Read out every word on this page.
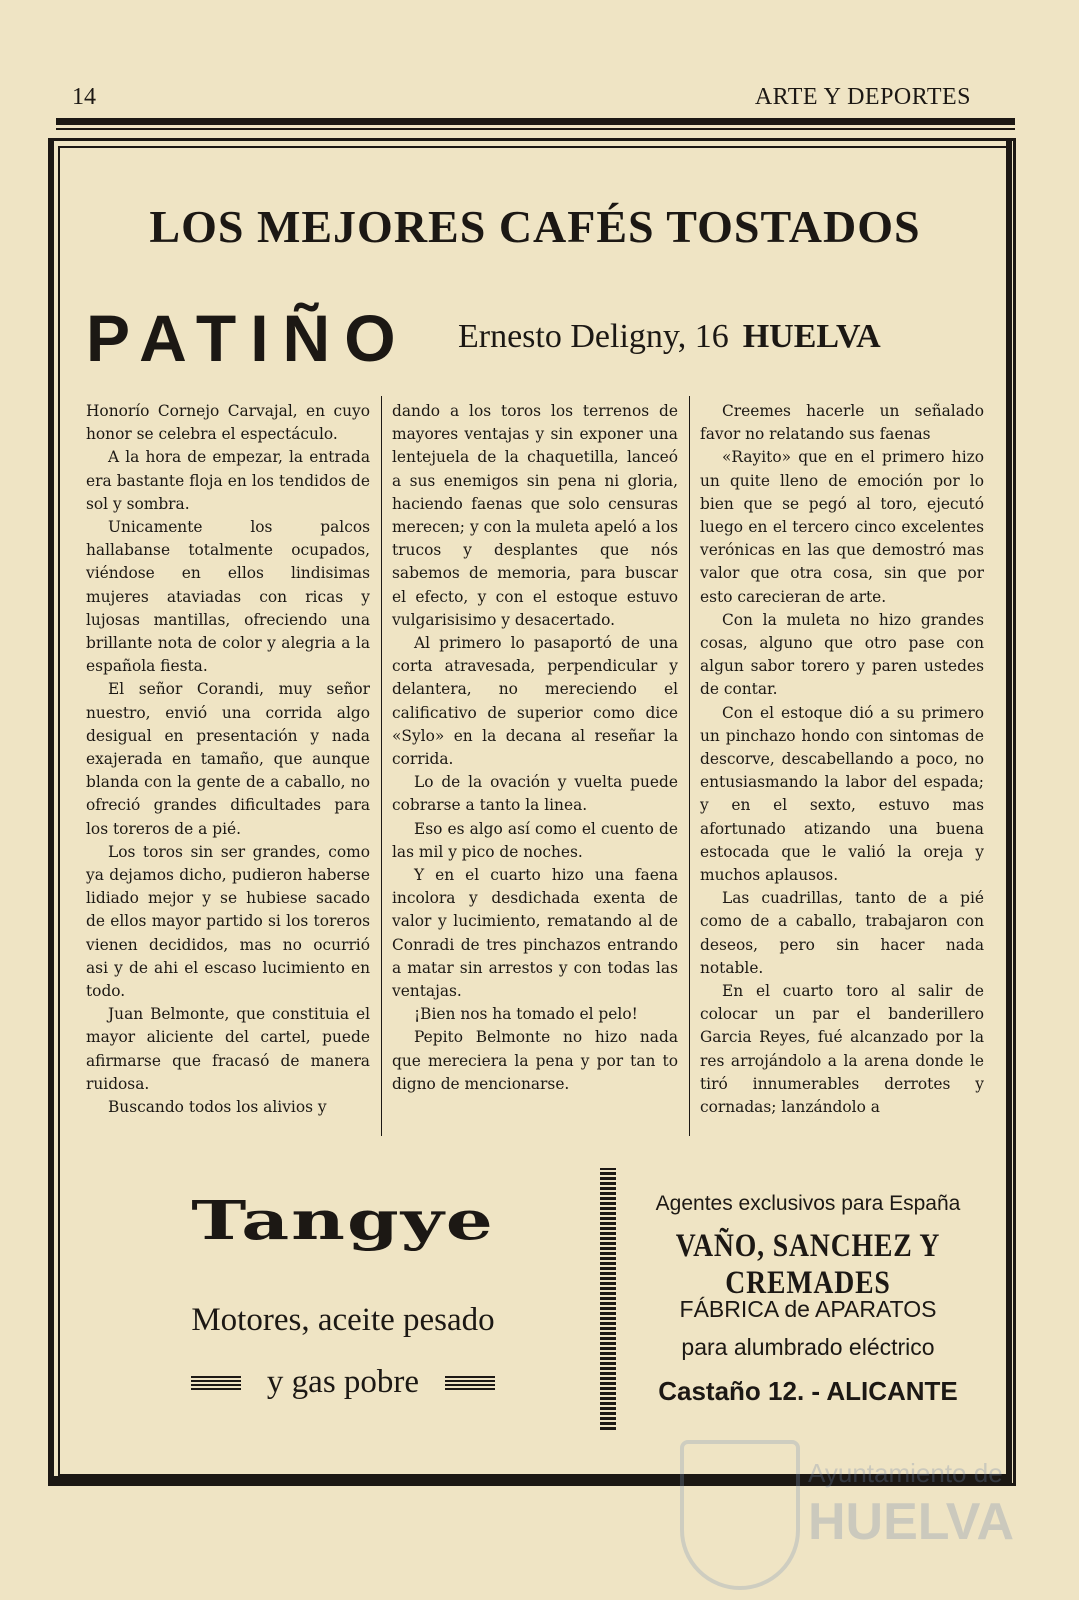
14	ARTE Y DEPORTES
LOS MEJORES CAFÉS TOSTADOS
PATIÑO Ernesto Deligny, 16 HUELVA

Honorío Cornejo Carvajal, en cuyo honor se celebra el espectáculo.

A la hora de empezar, la entrada era bastante floja en los tendidos de sol y sombra.

Unicamente los palcos hallabanse totalmente ocupados, viéndose en ellos lindisimas mujeres ataviadas con ricas y lujosas mantillas, ofreciendo una brillante nota de color y alegria a la española fiesta.

El señor Corandi, muy señor nuestro, envió una corrida algo desigual en presentación y nada exajerada en tamaño, que aunque blanda con la gente de a caballo, no ofreció grandes dificultades para los toreros de a pié.

Los toros sin ser grandes, como ya dejamos dicho, pudieron haberse lidiado mejor y se hubiese sacado de ellos mayor partido si los toreros vienen decididos, mas no ocurrió asi y de ahi el escaso lucimiento en todo.

Juan Belmonte, que constituia el mayor aliciente del cartel, puede afirmarse que fracasó de manera ruidosa.

Buscando todos los alivios y

dando a los toros los terrenos de mayores ventajas y sin exponer una lentejuela de la chaquetilla, lanceó a sus enemigos sin pena ni gloria, haciendo faenas que solo censuras merecen; y con la muleta apeló a los trucos y desplantes que nós sabemos de memoria, para buscar el efecto, y con el estoque estuvo vulgarisisimo y desacertado.

Al primero lo pasaportó de una corta atravesada, perpendicular y delantera, no mereciendo el calificativo de superior como dice «Sylo» en la decana al reseñar la corrida.

Lo de la ovación y vuelta puede cobrarse a tanto la linea.

Eso es algo así como el cuento de las mil y pico de noches.

Y en el cuarto hizo una faena incolora y desdichada exenta de valor y lucimiento, rematando al de Conradi de tres pinchazos entrando a matar sin arrestos y con todas las ventajas.

¡Bien nos ha tomado el pelo!

Pepito Belmonte no hizo nada que mereciera la pena y por tan to digno de mencionarse.

Creemes hacerle un señalado favor no relatando sus faenas

«Rayito» que en el primero hizo un quite lleno de emoción por lo bien que se pegó al toro, ejecutó luego en el tercero cinco excelentes verónicas en las que demostró mas valor que otra cosa, sin que por esto carecieran de arte.

Con la muleta no hizo grandes cosas, alguno que otro pase con algun sabor torero y paren ustedes de contar.

Con el estoque dió a su primero un pinchazo hondo con sintomas de descorve, descabellando a poco, no entusiasmando la labor del espada; y en el sexto, estuvo mas afortunado atizando una buena estocada que le valió la oreja y muchos aplausos.

Las cuadrillas, tanto de a pié como de a caballo, trabajaron con deseos, pero sin hacer nada notable.

En el cuarto toro al salir de colocar un par el banderillero Garcia Reyes, fué alcanzado por la res arrojándolo a la arena donde le tiró innumerables derrotes y cornadas; lanzándolo a

Tangye
Motores, aceite pesado
y gas pobre
Agentes exclusivos para España
VAÑO, SANCHEZ Y CREMADES
FÁBRICA de APARATOS
para alumbrado eléctrico
Castaño 12. - ALICANTE
Ayuntamiento de
HUELVA
